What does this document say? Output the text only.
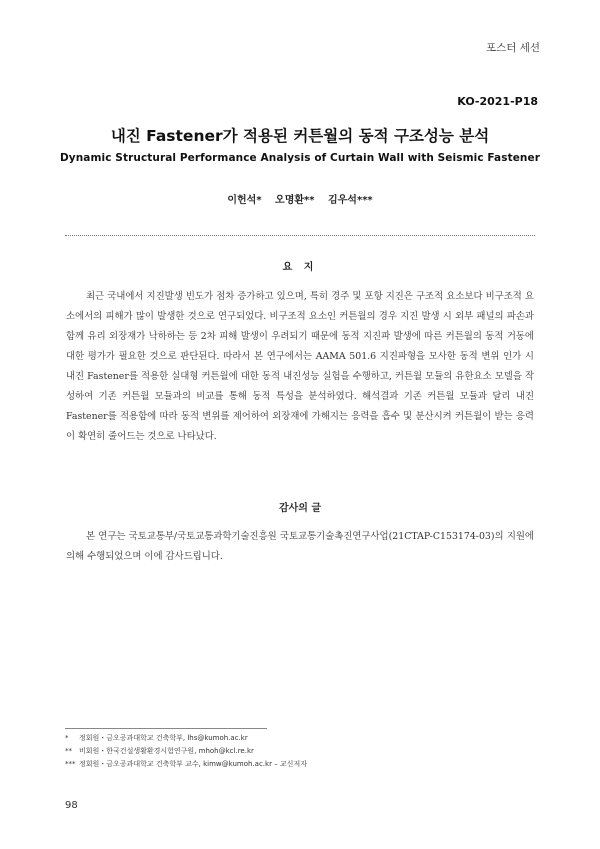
포스터 세션
KO-2021-P18
내진 Fastener가 적용된 커튼월의 동적 구조성능 분석
Dynamic Structural Performance Analysis of Curtain Wall with Seismic Fastener
이헌석* 오명환** 김우석***
요 지
최근 국내에서 지진발생 빈도가 점차 증가하고 있으며, 특히 경주 및 포항 지진은 구조적 요소보다 비구조적 요소에서의 피해가 많이 발생한 것으로 연구되었다. 비구조적 요소인 커튼월의 경우 지진 발생 시 외부 패널의 파손과 함께 유리 외장재가 낙하하는 등 2차 피해 발생이 우려되기 때문에 동적 지진파 발생에 따른 커튼월의 동적 거동에 대한 평가가 필요한 것으로 판단된다. 따라서 본 연구에서는 AAMA 501.6 지진파형을 모사한 동적 변위 인가 시 내진 Fastener를 적용한 실대형 커튼월에 대한 동적 내진성능 실험을 수행하고, 커튼월 모듈의 유한요소 모델을 작성하여 기존 커튼월 모듈과의 비교를 통해 동적 특성을 분석하였다. 해석결과 기존 커튼월 모듈과 달리 내진 Fastener를 적용함에 따라 동적 변위를 제어하여 외장재에 가해지는 응력을 흡수 및 분산시켜 커튼월이 받는 응력이 확연히 줄어드는 것으로 나타났다.
감사의 글
본 연구는 국토교통부/국토교통과학기술진흥원 국토교통기술촉진연구사업(21CTAP-C153174-03)의 지원에 의해 수행되었으며 이에 감사드립니다.
* 정회원・금오공과대학교 건축학부, lhs@kumoh.ac.kr
** 비회원・한국건설생활환경시험연구원, mhoh@kcl.re.kr
*** 정회원・금오공과대학교 건축학부 교수, kimw@kumoh.ac.kr – 교신저자
98
